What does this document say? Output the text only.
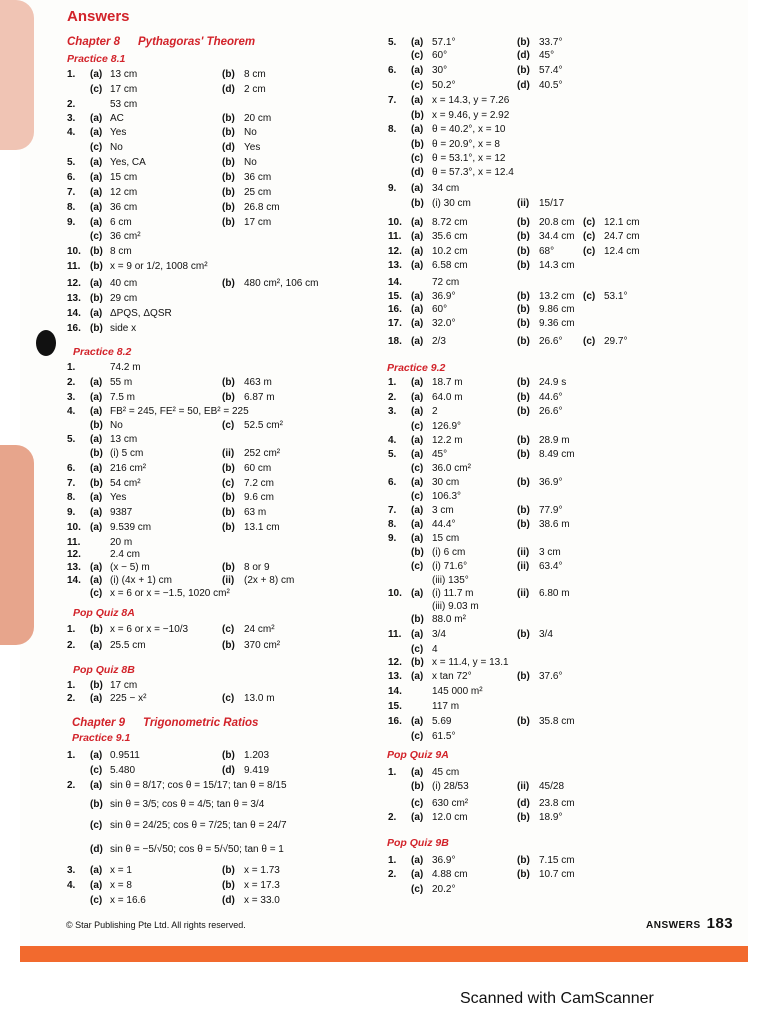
Answers
Chapter 8 Pythagoras' Theorem
Practice 8.1
Practice 8.2
Pop Quiz 8A
Pop Quiz 8B
Chapter 9 Trigonometric Ratios
Practice 9.1
Practice 9.2
Pop Quiz 9A
Pop Quiz 9B
1. (a) 13 cm	(b) 8 cm
(c) 17 cm	(d) 2 cm
2.	53 cm
3. (a) AC	(b) 20 cm
4. (a) Yes	(b) No
(c) No	(d) Yes
5. (a) Yes, CA	(b) No
6. (a) 15 cm	(b) 36 cm
7. (a) 12 cm	(b) 25 cm
8. (a) 36 cm	(b) 26.8 cm
9. (a) 6 cm	(b) 17 cm
(c) 36 cm²
10. (b) 8 cm
11. (b) x = 9 or 1/2, 1008 cm²
12. (a) 40 cm	(b) 480 cm², 106 cm
13. (b) 29 cm
14. (a) ΔPQS, ΔQSR
16. (b) side x
1.	74.2 m
2. (a) 55 m	(b) 463 m
3. (a) 7.5 m	(b) 6.87 m
4. (a) FB² = 245, FE² = 50, EB² = 225
(b) No	(c) 52.5 cm²
5. (a) 13 cm
(b) (i) 5 cm	(ii) 252 cm²
6. (a) 216 cm²	(b) 60 cm
7. (b) 54 cm²	(c) 7.2 cm
8. (a) Yes	(b) 9.6 cm
9. (a) 9387	(b) 63 m
10. (a) 9.539 cm	(b) 13.1 cm
11.	20 m
12.	2.4 cm
13. (a) (x − 5) m	(b) 8 or 9
14. (a) (i) (4x + 1) cm	(ii) (2x + 8) cm
(c) x = 6 or x = −1.5, 1020 cm²
1. (b) x = 6 or x = −10/3	(c) 24 cm²
2. (a) 25.5 cm	(b) 370 cm²
1. (b) 17 cm
2. (a) 225 − x²	(c) 13.0 m
1. (a) 0.9511	(b) 1.203
(c) 5.480	(d) 9.419
2. (a) sin θ = 8/17; cos θ = 15/17; tan θ = 8/15
(b) sin θ = 3/5; cos θ = 4/5; tan θ = 3/4
(c) sin θ = 24/25; cos θ = 7/25; tan θ = 24/7
(d) sin θ = −5/√50; cos θ = 5/√50; tan θ = 1
3. (a) x = 1	(b) x = 1.73
4. (a) x = 8	(b) x = 17.3
(c) x = 16.6	(d) x = 33.0
5. (a) 57.1°	(b) 33.7°
(c) 60°	(d) 45°
6. (a) 30°	(b) 57.4°
(c) 50.2°	(d) 40.5°
7. (a) x = 14.3, y = 7.26
(b) x = 9.46, y = 2.92
8. (a) θ = 40.2°, x = 10
(b) θ = 20.9°, x = 8
(c) θ = 53.1°, x = 12
(d) θ = 57.3°, x = 12.4
9. (a) 34 cm
(b) (i) 30 cm	(ii) 15/17
10. (a) 8.72 cm	(b) 20.8 cm (c) 12.1 cm
11. (a) 35.6 cm	(b) 34.4 cm (c) 24.7 cm
12. (a) 10.2 cm	(b) 68°	(c) 12.4 cm
13. (a) 6.58 cm	(b) 14.3 cm
14.	72 cm
15. (a) 36.9°	(b) 13.2 cm (c) 53.1°
16. (a) 60°	(b) 9.86 cm
17. (a) 32.0°	(b) 9.36 cm
18. (a) 2/3	(b) 26.6° (c) 29.7°
1. (a) 18.7 m	(b) 24.9 s
2. (a) 64.0 m	(b) 44.6°
3. (a) 2	(b) 26.6°
(c) 126.9°
4. (a) 12.2 m	(b) 28.9 m
5. (a) 45°	(b) 8.49 cm
(c) 36.0 cm²
6. (a) 30 cm	(b) 36.9°
(c) 106.3°
7. (a) 3 cm	(b) 77.9°
8. (a) 44.4°	(b) 38.6 m
9. (a) 15 cm
(b) (i) 6 cm	(ii) 3 cm
(c) (i) 71.6°	(ii) 63.4°
(iii) 135°
10. (a) (i) 11.7 m	(ii) 6.80 m
(iii) 9.03 m
(b) 88.0 m²
11. (a) 3/4	(b) 3/4
(c) 4
12. (b) x = 11.4, y = 13.1
13. (a) x tan 72°	(b) 37.6°
14.	145 000 m²
15.	117 m
16. (a) 5.69	(b) 35.8 cm
(c) 61.5°
1. (a) 45 cm
(b) (i) 28/53	(ii) 45/28
(c) 630 cm²	(d) 23.8 cm
2. (a) 12.0 cm	(b) 18.9°
1. (a) 36.9°	(b) 7.15 cm
2. (a) 4.88 cm	(b) 10.7 cm
(c) 20.2°
© Star Publishing Pte Ltd. All rights reserved.	ANSWERS 183
Scanned with CamScanner
